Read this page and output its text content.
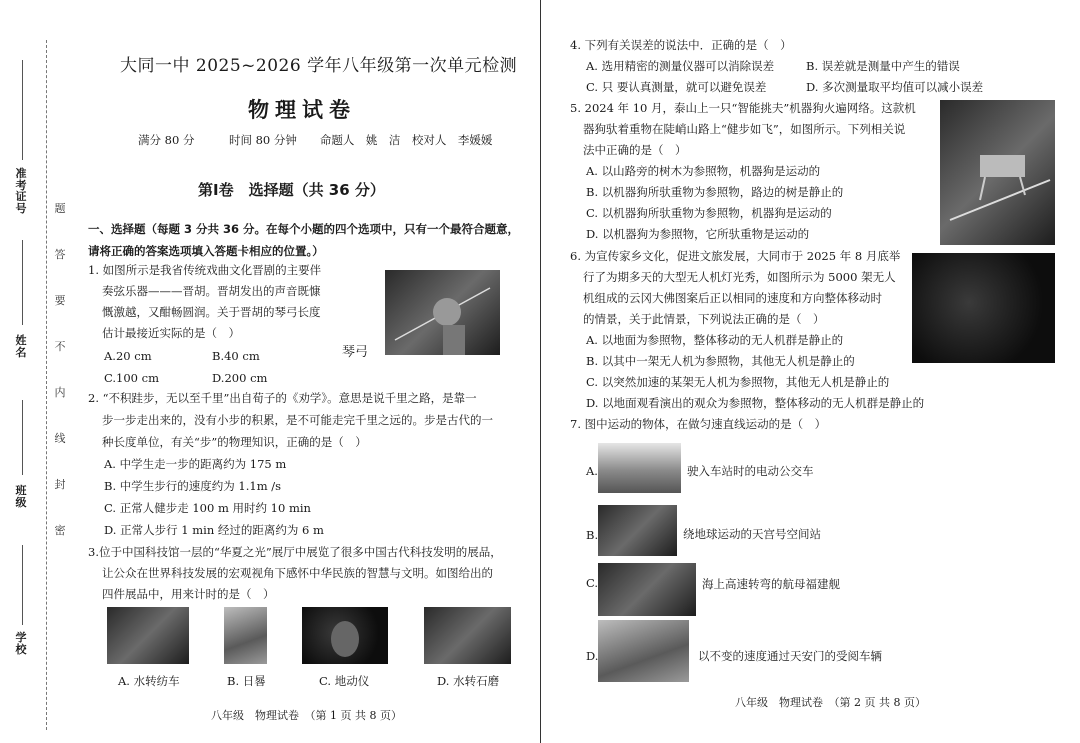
准考证号
姓名
班级
学校
题
答
要
不
内
线
封
密
大同一中 2025~2026 学年八年级第一次单元检测
物理试卷
满分 80 分　　　时间 80 分钟　　命题人　姚　洁　校对人　李媛媛
第Ⅰ卷　选择题（共 36 分）
一、选择题（每题 3 分共 36 分。在每个小题的四个选项中，只有一个最符合题意，
请将正确的答案选项填入答题卡相应的位置。）
1. 如图所示是我省传统戏曲文化晋剧的主要伴
奏弦乐器———晋胡。晋胡发出的声音既慷
慨激越，又酣畅圆润。关于晋胡的琴弓长度
估计最接近实际的是（　）
A.20 cm	B.40 cm
C.100 cm	D.200 cm
琴弓
2. “不积跬步，无以至千里”出自荀子的《劝学》。意思是说千里之路，是靠一
步一步走出来的，没有小步的积累，是不可能走完千里之远的。步是古代的一
种长度单位，有关“步”的物理知识，正确的是（　）
A. 中学生走一步的距离约为 175 m
B. 中学生步行的速度约为 1.1m /s
C. 正常人健步走 100 m 用时约 10 min
D. 正常人步行 1 min 经过的距离约为 6 m
3.位于中国科技馆一层的“华夏之光”展厅中展览了很多中国古代科技发明的展品，
让公众在世界科技发展的宏观视角下感怀中华民族的智慧与文明。如图给出的
四件展品中，用来计时的是（　）
A. 水转纺车	B. 日晷	C. 地动仪	D. 水转石磨
八年级　物理试卷　（第 1 页 共 8 页）
4. 下列有关误差的说法中．正确的是（　）
A. 选用精密的测量仪器可以消除误差	B. 误差就是测量中产生的错误
C. 只 要认真测量，就可以避免误差	D. 多次测量取平均值可以减小误差
5. 2024 年 10 月，泰山上一只“智能挑夫”机器狗火遍网络。这款机
器狗驮着重物在陡峭山路上“健步如飞”，如图所示。下列相关说
法中正确的是（　）
A. 以山路旁的树木为参照物，机器狗是运动的
B. 以机器狗所驮重物为参照物，路边的树是静止的
C. 以机器狗所驮重物为参照物，机器狗是运动的
D. 以机器狗为参照物，它所驮重物是运动的
6. 为宣传家乡文化，促进文旅发展，大同市于 2025 年 8 月底举
行了为期多天的大型无人机灯光秀，如图所示为 5000 架无人
机组成的云冈大佛图案后正以相同的速度和方向整体移动时
的情景，关于此情景，下列说法正确的是（　）
A. 以地面为参照物，整体移动的无人机群是静止的
B. 以其中一架无人机为参照物，其他无人机是静止的
C. 以突然加速的某架无人机为参照物，其他无人机是静止的
D. 以地面观看演出的观众为参照物，整体移动的无人机群是静止的
7. 图中运动的物体，在做匀速直线运动的是（　）
A.	驶入车站时的电动公交车
B.	绕地球运动的天宫号空间站
C.	海上高速转弯的航母福建舰
D.	以不变的速度通过天安门的受阅车辆
八年级　物理试卷　（第 2 页 共 8 页）
